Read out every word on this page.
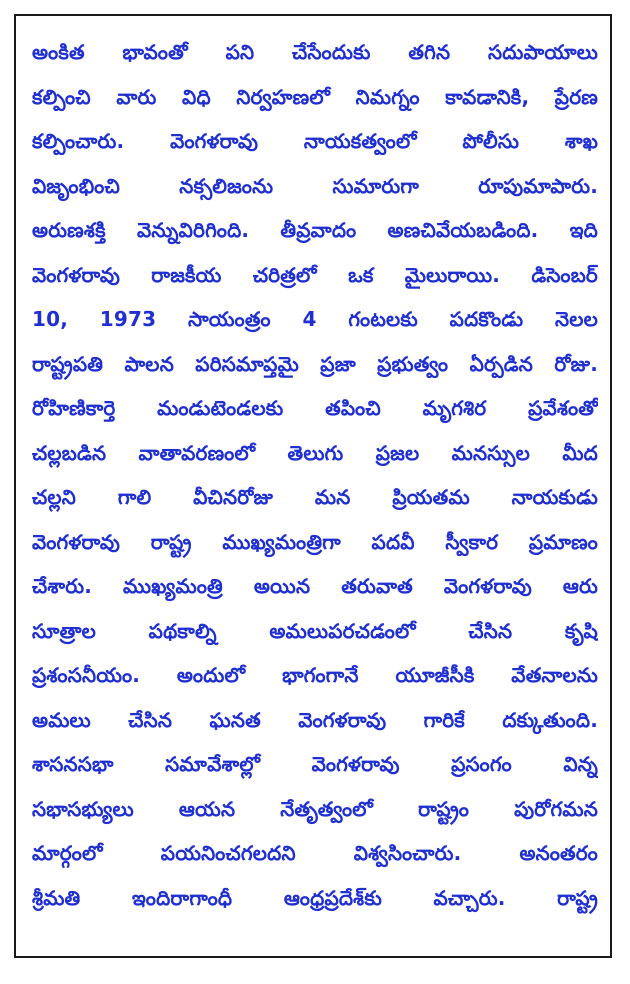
అంకిత భావంతో పని చేసేందుకు తగిన సదుపాయాలు
కల్పించి వారు విధి నిర్వహణలో నిమగ్నం కావడానికి, ప్రేరణ
కల్పించారు. వెంగళరావు నాయకత్వంలో పోలీసు శాఖ
విజృంభించి నక్సలిజంను సుమారుగా రూపుమాపారు.
అరుణశక్తి వెన్నువిరిగింది. తీవ్రవాదం అణచివేయబడింది. ఇది
వెంగళరావు రాజకీయ చరిత్రలో ఒక మైలురాయి. డిసెంబర్
10, 1973 సాయంత్రం 4 గంటలకు పదకొండు నెలల
రాష్ట్రపతి పాలన పరిసమాప్తమై ప్రజా ప్రభుత్వం ఏర్పడిన రోజు.
రోహిణికార్తె మండుటెండలకు తపించి మృగశిర ప్రవేశంతో
చల్లబడిన వాతావరణంలో తెలుగు ప్రజల మనస్సుల మీద
చల్లని గాలి వీచినరోజు మన ప్రియతమ నాయకుడు
వెంగళరావు రాష్ట్ర ముఖ్యమంత్రిగా పదవీ స్వీకార ప్రమాణం
చేశారు. ముఖ్యమంత్రి అయిన తరువాత వెంగళరావు ఆరు
సూత్రాల పథకాల్ని అమలుపరచడంలో చేసిన కృషి
ప్రశంసనీయం. అందులో భాగంగానే యూజీసీకి వేతనాలను
అమలు చేసిన ఘనత వెంగళరావు గారికే దక్కుతుంది.
శాసనసభా సమావేశాల్లో వెంగళరావు ప్రసంగం విన్న
సభాసభ్యులు ఆయన నేతృత్వంలో రాష్ట్రం పురోగమన
మార్గంలో పయనించగలదని విశ్వసించారు. అనంతరం
శ్రీమతి ఇందిరాగాంధీ ఆంధ్రప్రదేశ్‌కు వచ్చారు. రాష్ట్ర
